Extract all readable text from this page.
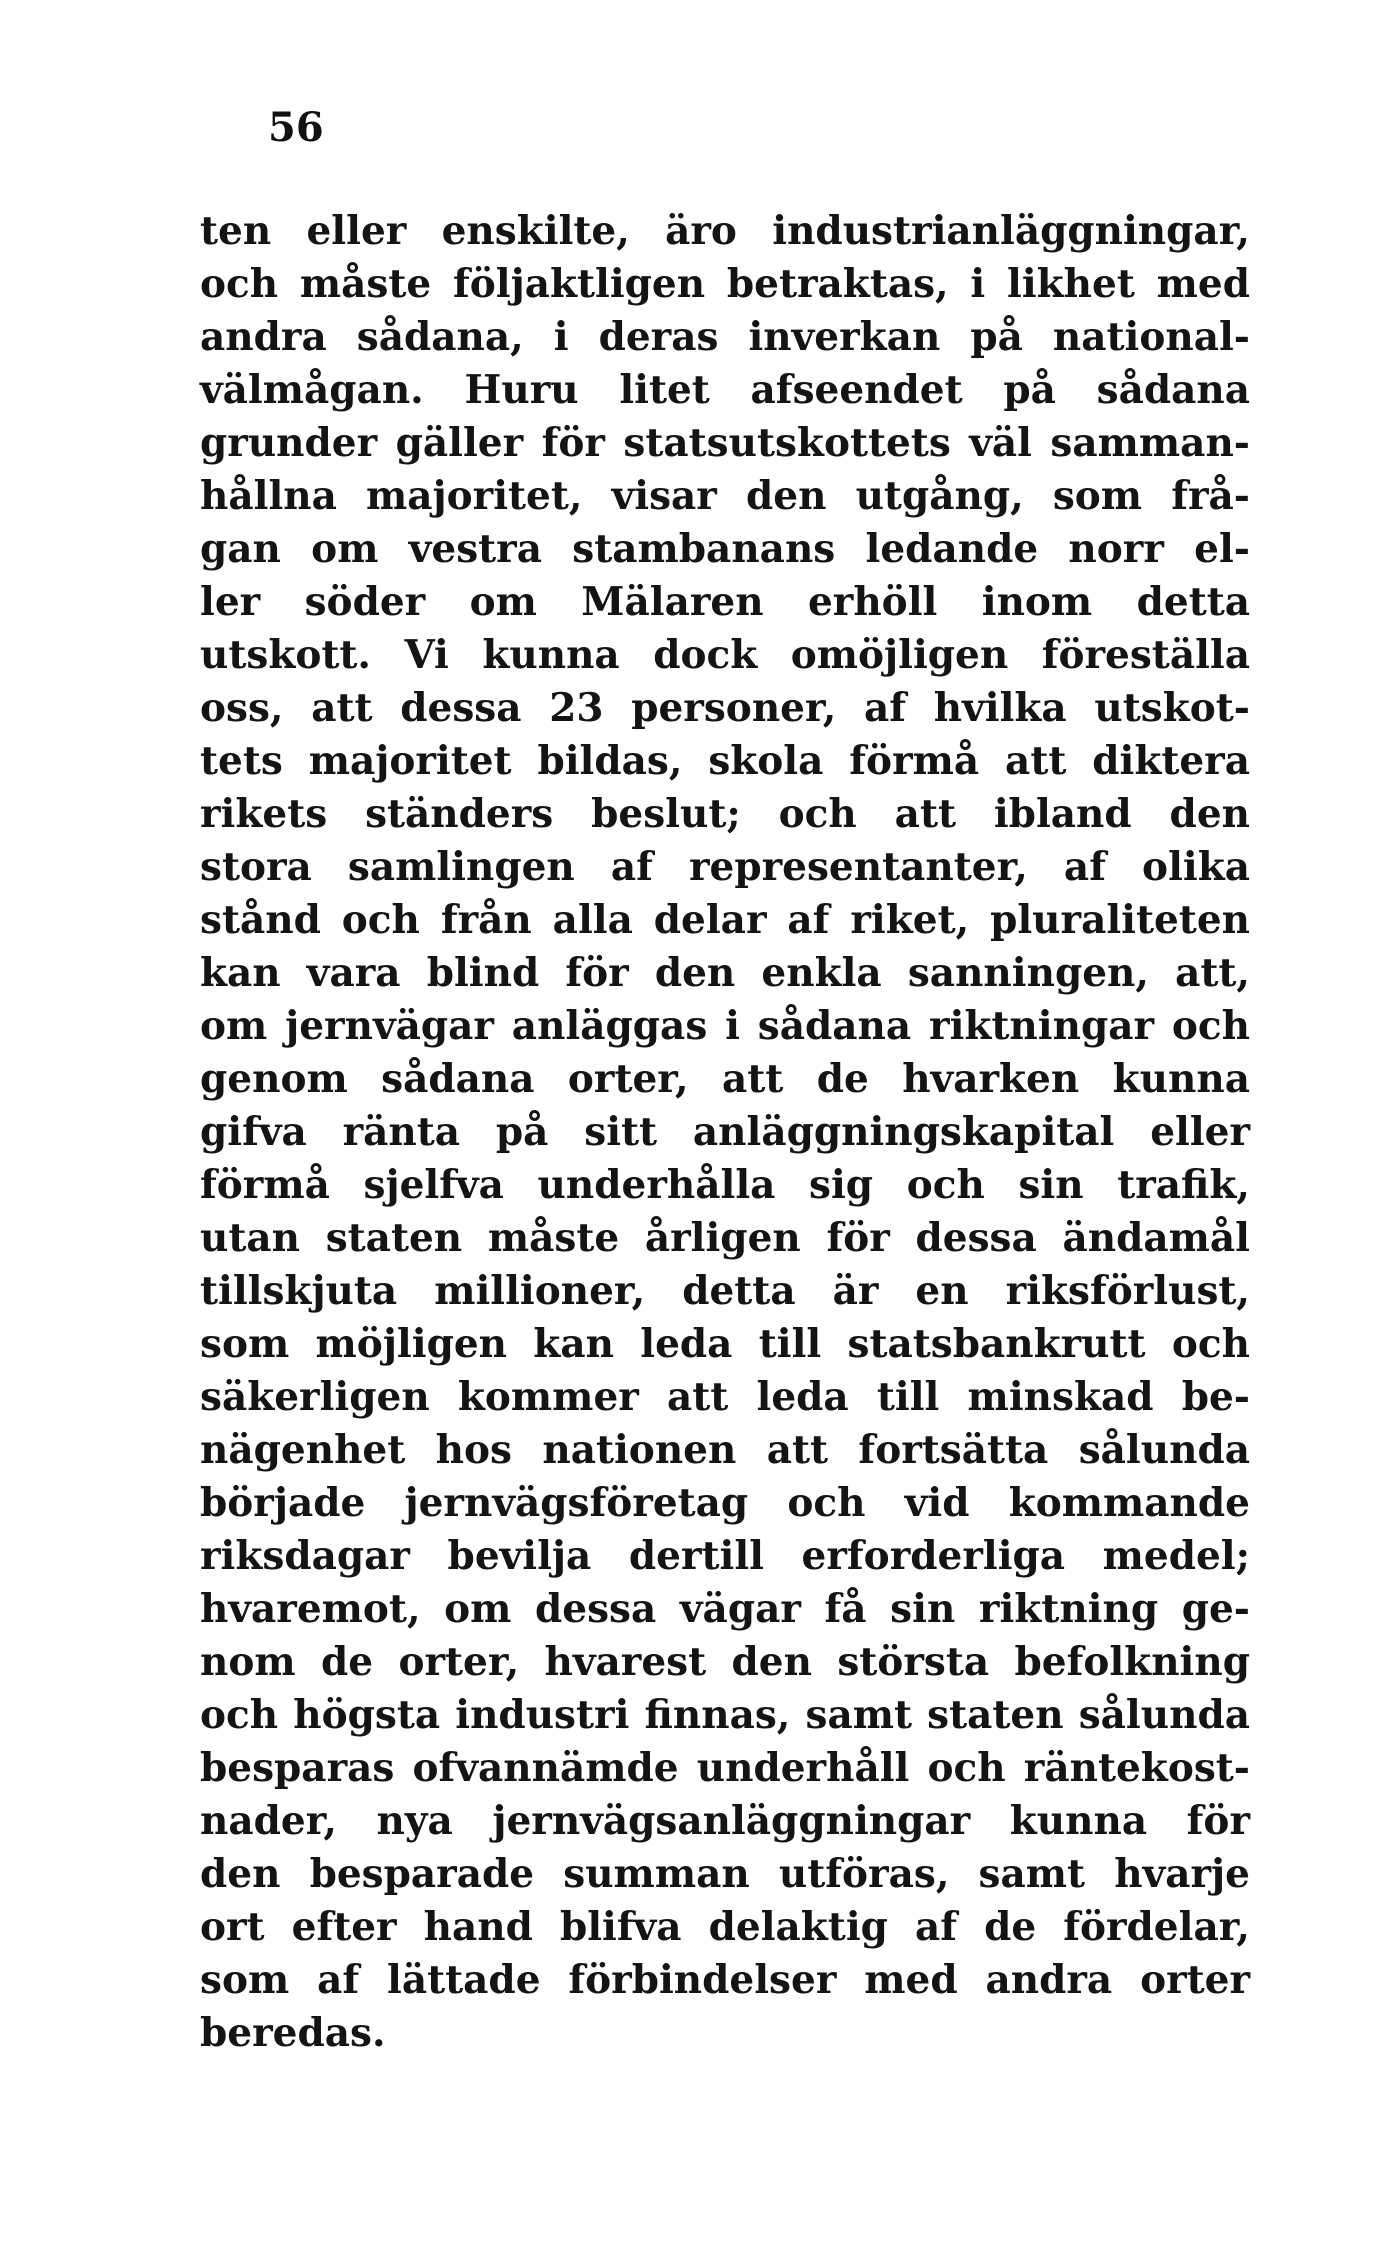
56
ten eller enskilte, äro industrianläggningar,
och måste följaktligen betraktas, i likhet med
andra sådana, i deras inverkan på national-
välmågan. Huru litet afseendet på sådana
grunder gäller för statsutskottets väl samman-
hållna majoritet, visar den utgång, som frå-
gan om vestra stambanans ledande norr el-
ler söder om Mälaren erhöll inom detta
utskott. Vi kunna dock omöjligen föreställa
oss, att dessa 23 personer, af hvilka utskot-
tets majoritet bildas, skola förmå att diktera
rikets ständers beslut; och att ibland den
stora samlingen af representanter, af olika
stånd och från alla delar af riket, pluraliteten
kan vara blind för den enkla sanningen, att,
om jernvägar anläggas i sådana riktningar och
genom sådana orter, att de hvarken kunna
gifva ränta på sitt anläggningskapital eller
förmå sjelfva underhålla sig och sin trafik,
utan staten måste årligen för dessa ändamål
tillskjuta millioner, detta är en riksförlust,
som möjligen kan leda till statsbankrutt och
säkerligen kommer att leda till minskad be-
nägenhet hos nationen att fortsätta sålunda
började jernvägsföretag och vid kommande
riksdagar bevilja dertill erforderliga medel;
hvaremot, om dessa vägar få sin riktning ge-
nom de orter, hvarest den största befolkning
och högsta industri finnas, samt staten sålunda
besparas ofvannämde underhåll och räntekost-
nader, nya jernvägsanläggningar kunna för
den besparade summan utföras, samt hvarje
ort efter hand blifva delaktig af de fördelar,
som af lättade förbindelser med andra orter
beredas.
